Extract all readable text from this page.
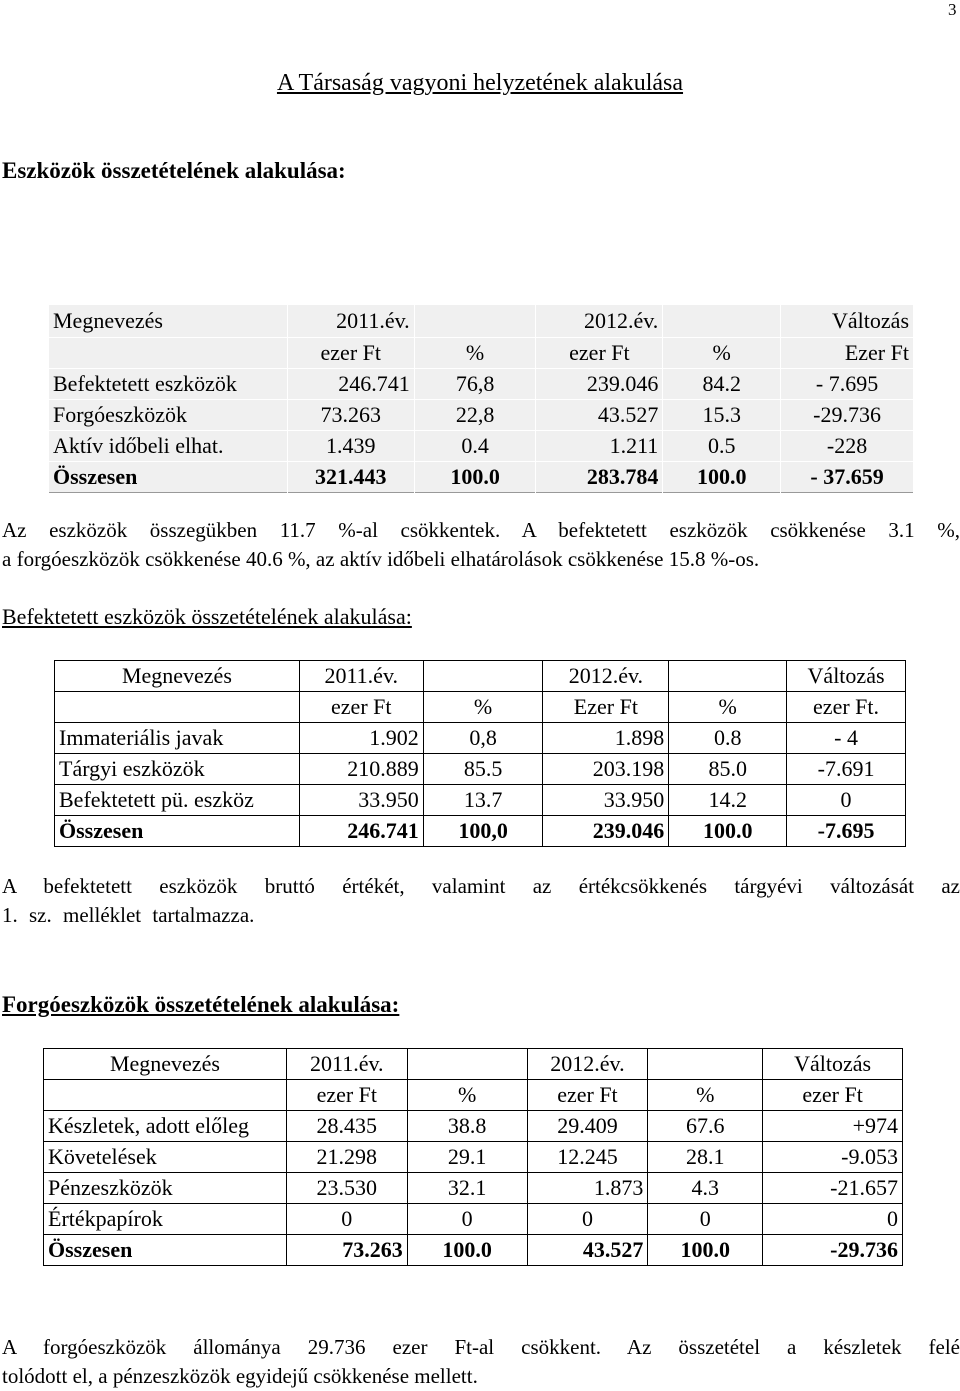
3
A Társaság vagyoni helyzetének alakulása
Eszközök összetételének alakulása:
Megnevezés	2011.év.		2012.év.		Változás
	ezer Ft	%	ezer Ft	%	Ezer Ft
Befektetett eszközök	246.741	76,8	239.046	84.2	- 7.695
Forgóeszközök	73.263	22,8	43.527	15.3	-29.736
Aktív időbeli elhat.	1.439	0.4	1.211	0.5	-228
Összesen	321.443	100.0	283.784	100.0	- 37.659
Az eszközök összegükben 11.7 %-al csökkentek. A befektetett eszközök csökkenése 3.1 %,
a forgóeszközök csökkenése 40.6 %, az aktív időbeli elhatárolások csökkenése 15.8 %-os.
Befektetett eszközök összetételének alakulása:
Megnevezés	2011.év.		2012.év.		Változás
	ezer Ft	%	Ezer Ft	%	ezer Ft.
Immateriális javak	1.902	0,8	1.898	0.8	- 4
Tárgyi eszközök	210.889	85.5	203.198	85.0	-7.691
Befektetett pü. eszköz	33.950	13.7	33.950	14.2	0
Összesen	246.741	100,0	239.046	100.0	-7.695
A befektetett eszközök bruttó értékét, valamint az értékcsökkenés tárgyévi változását az
1. sz. melléklet tartalmazza.
Forgóeszközök összetételének alakulása:
Megnevezés	2011.év.		2012.év.		Változás
	ezer Ft	%	ezer Ft	%	ezer Ft
Készletek, adott előleg	28.435	38.8	29.409	67.6	+974
Követelések	21.298	29.1	12.245	28.1	-9.053
Pénzeszközök	23.530	32.1	1.873	4.3	-21.657
Értékpapírok	0	0	0	0	0
Összesen	73.263	100.0	43.527	100.0	-29.736
A forgóeszközök állománya 29.736 ezer Ft-al csökkent. Az összetétel a készletek felé
tolódott el, a pénzeszközök egyidejű csökkenése mellett.
